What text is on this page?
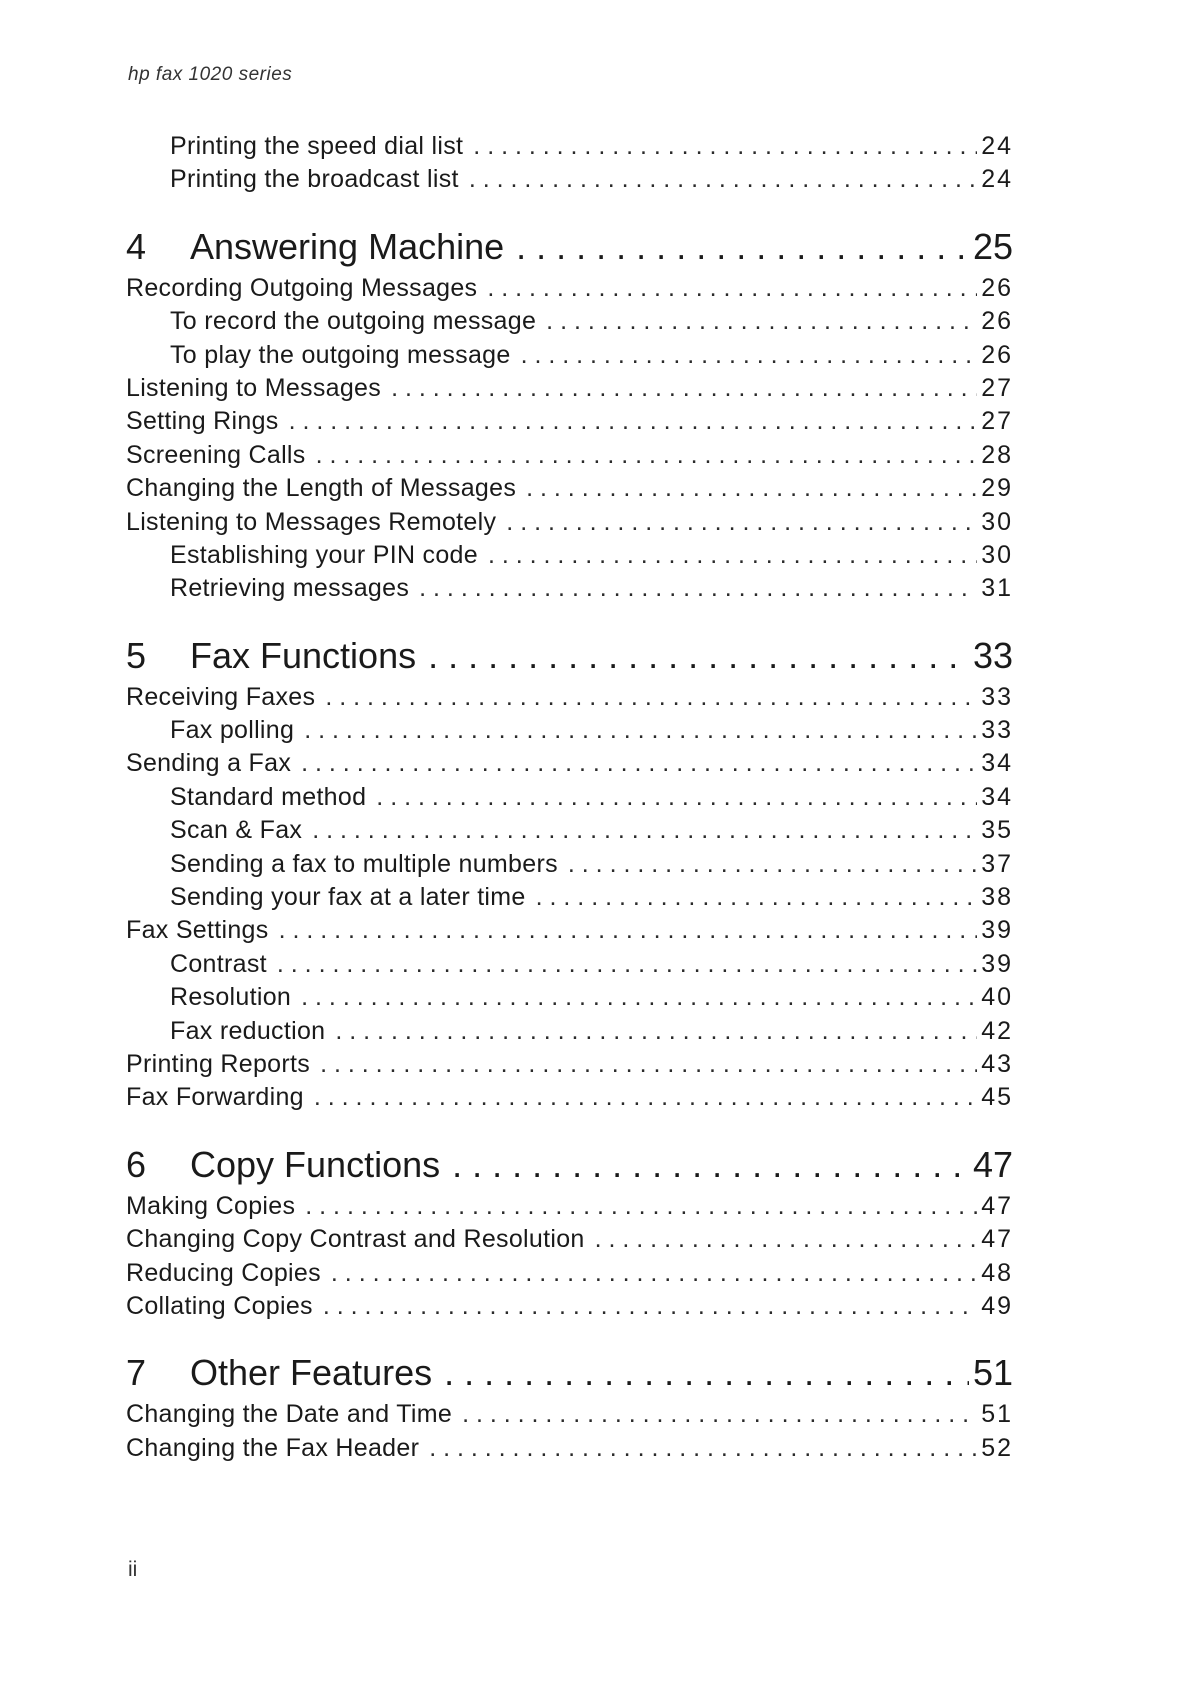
hp fax 1020 series
Printing the speed dial list . . .	24
Printing the broadcast list . . .	24
4	Answering Machine . . .	25
Recording Outgoing Messages . . .	26
To record the outgoing message . . .	26
To play the outgoing message . . .	26
Listening to Messages . . .	27
Setting Rings . . .	27
Screening Calls . . .	28
Changing the Length of Messages . . .	29
Listening to Messages Remotely . . .	30
Establishing your PIN code . . .	30
Retrieving messages . . .	31
5	Fax Functions . . .	33
Receiving Faxes . . .	33
Fax polling . . .	33
Sending a Fax . . .	34
Standard method . . .	34
Scan & Fax . . .	35
Sending a fax to multiple numbers . . .	37
Sending your fax at a later time . . .	38
Fax Settings . . .	39
Contrast . . .	39
Resolution . . .	40
Fax reduction . . .	42
Printing Reports . . .	43
Fax Forwarding . . .	45
6	Copy Functions . . .	47
Making Copies . . .	47
Changing Copy Contrast and Resolution . . .	47
Reducing Copies . . .	48
Collating Copies . . .	49
7	Other Features . . .	51
Changing the Date and Time . . .	51
Changing the Fax Header . . .	52
ii
